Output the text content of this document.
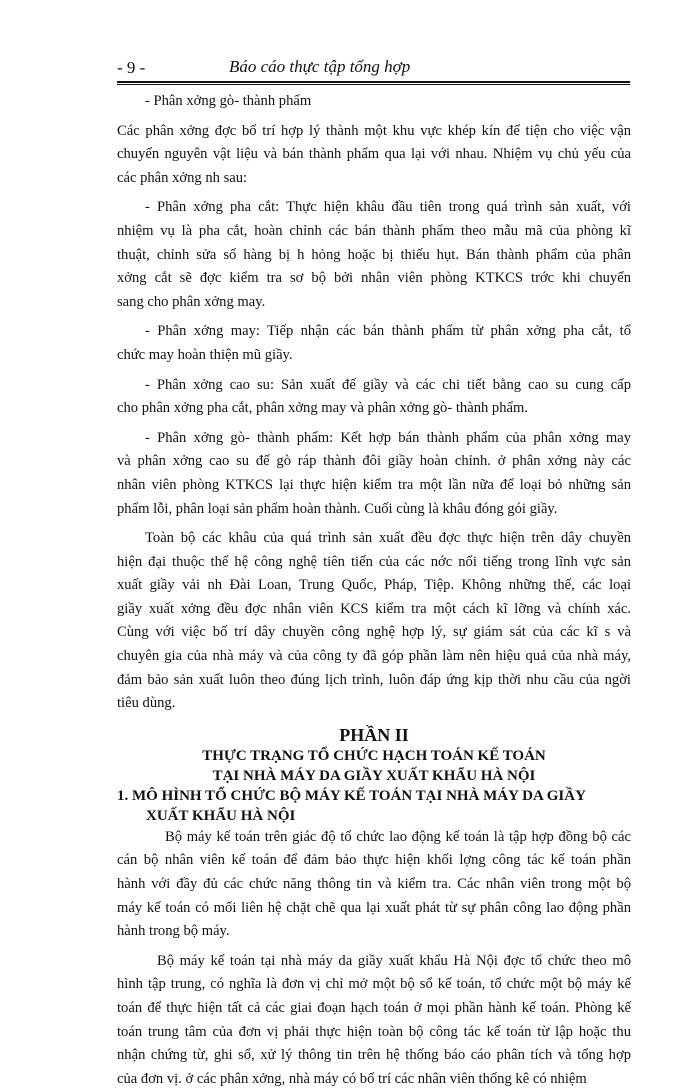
- 9 -	Báo cáo thực tập tổng hợp

- Phân xởng gò- thành phẩm

Các phân xởng đợc bố trí hợp lý thành một khu vực khép kín để tiện cho việc vận
chuyển nguyên vật liệu và bán thành phẩm qua lại với nhau. Nhiệm vụ chủ yếu của
các phân xởng nh sau:

- Phân xởng pha cắt: Thực hiện khâu đầu tiên trong quá trình sản xuất, với
nhiệm vụ là pha cắt, hoàn chỉnh các bán thành phẩm theo mẫu mã của phòng kĩ
thuật, chỉnh sửa số hàng bị h hỏng hoặc bị thiếu hụt. Bán thành phẩm của phân
xởng cắt sẽ đợc kiểm tra sơ bộ bởi nhân viên phòng KTKCS trớc khi chuyển
sang cho phân xởng may.

- Phân xởng may: Tiếp nhận các bán thành phẩm từ phân xởng pha cắt, tổ
chức may hoàn thiện mũ giầy.

- Phân xởng cao su: Sản xuất đế giầy và các chi tiết bằng cao su cung cấp
cho phân xởng pha cắt, phân xởng may và phân xởng gò- thành phẩm.

- Phân xởng gò- thành phẩm: Kết hợp bán thành phẩm của phân xởng may
và phân xởng cao su để gò ráp thành đôi giầy hoàn chỉnh. ở phân xởng này các
nhân viên phòng KTKCS lại thực hiện kiểm tra một lần nữa để loại bỏ những sản
phẩm lỗi, phân loại sản phẩm hoàn thành. Cuối cùng là khâu đóng gói giầy.

Toàn bộ các khâu của quá trình sản xuất đều đợc thực hiện trên dây chuyền
hiện đại thuộc thế hệ công nghệ tiên tiến của các nớc nổi tiếng trong lĩnh vực sản
xuất giầy vải nh Đài Loan, Trung Quốc, Pháp, Tiệp. Không những thế, các loại
giầy xuất xởng đều đợc nhân viên KCS kiểm tra một cách kĩ lỡng và chính xác.
Cùng với việc bố trí dây chuyền công nghệ hợp lý, sự giám sát của các kĩ s và
chuyên gia của nhà máy và của công ty đã góp phần làm nên hiệu quả của nhà máy,
đảm bảo sản xuất luôn theo đúng lịch trình, luôn đáp ứng kịp thời nhu cầu của ngời
tiêu dùng.

PHẦN II

THỰC TRẠNG TỔ CHỨC HẠCH TOÁN KẾ TOÁN

TẠI NHÀ MÁY DA GIẦY XUẤT KHẨU HÀ NỘI

1. MÔ HÌNH TỔ CHỨC BỘ MÁY KẾ TOÁN TẠI NHÀ MÁY DA GIẦY

XUẤT KHẨU HÀ NỘI

Bộ máy kế toán trên giác độ tổ chức lao động kế toán là tập hợp đồng bộ các
cán bộ nhân viên kế toán để đảm bảo thực hiện khối lợng công tác kế toán phần
hành với đầy đủ các chức năng thông tin và kiểm tra. Các nhân viên trong một bộ
máy kế toán có mối liên hệ chặt chẽ qua lại xuất phát từ sự phân công lao động phần
hành trong bộ máy.

Bộ máy kế toán tại nhà máy da giầy xuất khẩu Hà Nội đợc tổ chức theo mô
hình tập trung, có nghĩa là đơn vị chỉ mở một bộ sổ kế toán, tổ chức một bộ máy kế
toán để thực hiện tất cả các giai đoạn hạch toán ở mọi phần hành kế toán. Phòng kế
toán trung tâm của đơn vị phải thực hiện toàn bộ công tác kế toán từ lập hoặc thu
nhận chứng từ, ghi sổ, xử lý thông tin trên hệ thống báo cáo phân tích và tổng hợp
của đơn vị. ở các phân xởng, nhà máy có bố trí các nhân viên thống kê có nhiệm
